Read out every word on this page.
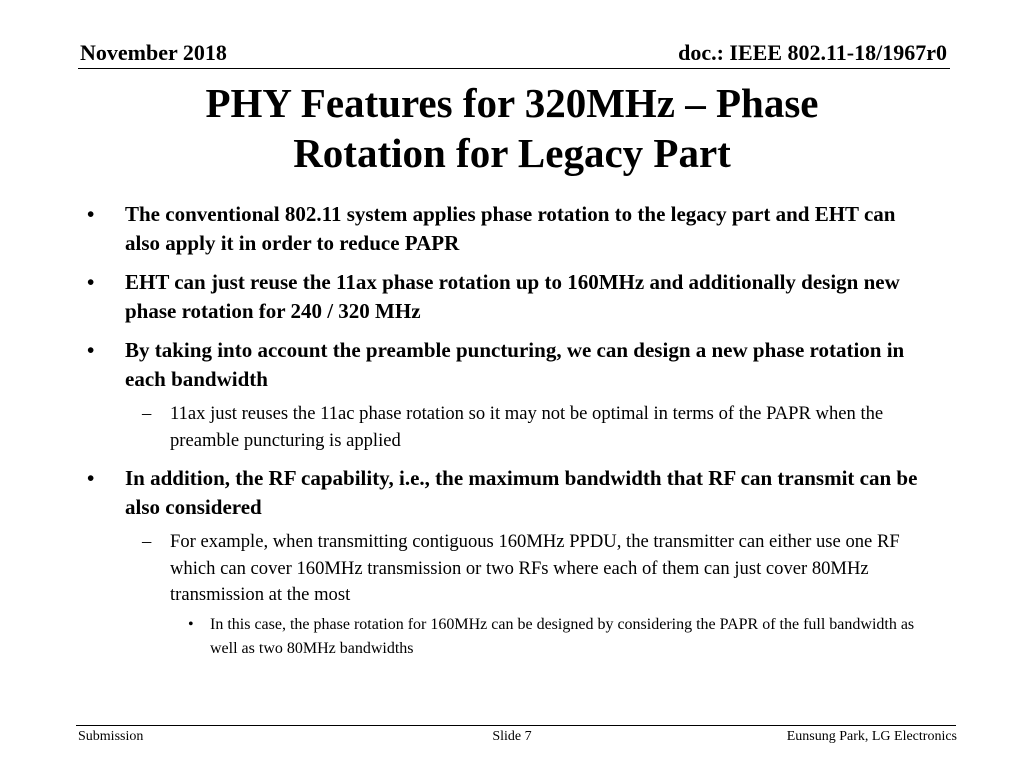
November 2018	doc.: IEEE 802.11-18/1967r0
PHY Features for 320MHz – Phase
Rotation for Legacy Part
• The conventional 802.11 system applies phase rotation to the legacy part and EHT can also apply it in order to reduce PAPR
• EHT can just reuse the 11ax phase rotation up to 160MHz and additionally design new phase rotation for 240 / 320 MHz
• By taking into account the preamble puncturing, we can design a new phase rotation in each bandwidth
– 11ax just reuses the 11ac phase rotation so it may not be optimal in terms of the PAPR when the preamble puncturing is applied
• In addition, the RF capability, i.e., the maximum bandwidth that RF can transmit can be also considered
– For example, when transmitting contiguous 160MHz PPDU, the transmitter can either use one RF which can cover 160MHz transmission or two RFs where each of them can just cover 80MHz transmission at the most
• In this case, the phase rotation for 160MHz can be designed by considering the PAPR of the full bandwidth as well as two 80MHz bandwidths
Submission	Slide 7	Eunsung Park, LG Electronics
